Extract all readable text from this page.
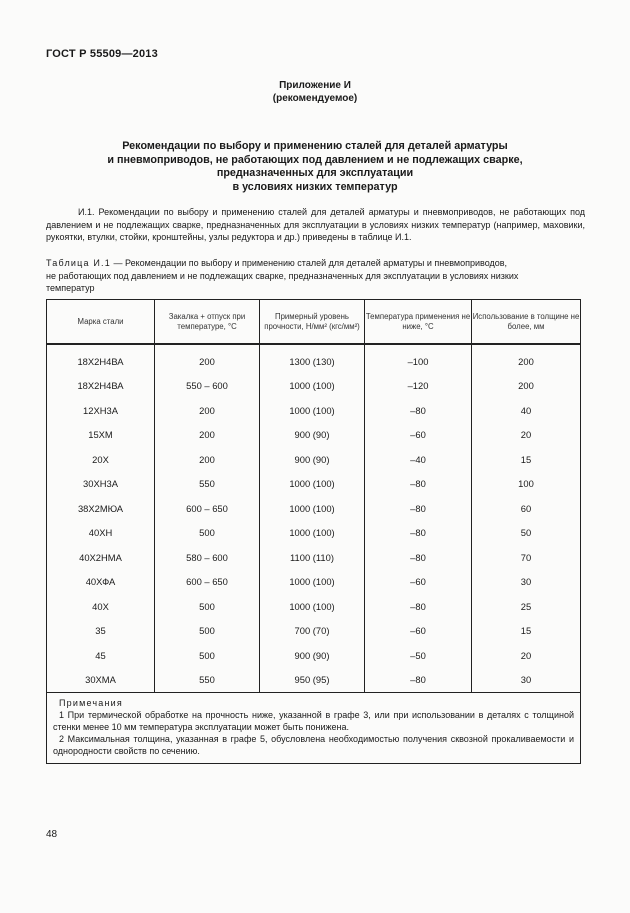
ГОСТ Р 55509—2013
Приложение И
(рекомендуемое)
Рекомендации по выбору и применению сталей для деталей арматуры
и пневмоприводов, не работающих под давлением и не подлежащих сварке,
предназначенных для эксплуатации
в условиях низких температур
И.1. Рекомендации по выбору и применению сталей для деталей арматуры и пневмоприводов, не работающих под давлением и не подлежащих сварке, предназначенных для эксплуатации в условиях низких температур (например, маховики, рукоятки, втулки, стойки, кронштейны, узлы редуктора и др.) приведены в таблице И.1.
Таблица И.1 — Рекомендации по выбору и применению сталей для деталей арматуры и пневмоприводов,
не работающих под давлением и не подлежащих сварке, предназначенных для эксплуатации в условиях низких
температур
Марка стали	Закалка + отпуск при температуре, °С	Примерный уровень прочности, Н/мм² (кгс/мм²)	Температура применения не ниже, °С	Использование в толщине не более, мм

18Х2Н4ВА	200	1300 (130)	–100	200
18Х2Н4ВА	550 – 600	1000 (100)	–120	200
12ХН3А	200	1000 (100)	–80	40
15ХМ	200	900 (90)	–60	20
20Х	200	900 (90)	–40	15
30ХН3А	550	1000 (100)	–80	100
38Х2МЮА	600 – 650	1000 (100)	–80	60
40ХН	500	1000 (100)	–80	50
40Х2НМА	580 – 600	1100 (110)	–80	70
40ХФА	600 – 650	1000 (100)	–60	30
40Х	500	1000 (100)	–80	25
35	500	700 (70)	–60	15
45	500	900 (90)	–50	20
30ХМА	550	950 (95)	–80	30

Примечания
1 При термической обработке на прочность ниже, указанной в графе 3, или при использовании в деталях с толщиной стенки менее 10 мм температура эксплуатации может быть понижена.
2 Максимальная толщина, указанная в графе 5, обусловлена необходимостью получения сквозной прокаливаемости и однородности свойств по сечению.				
48
